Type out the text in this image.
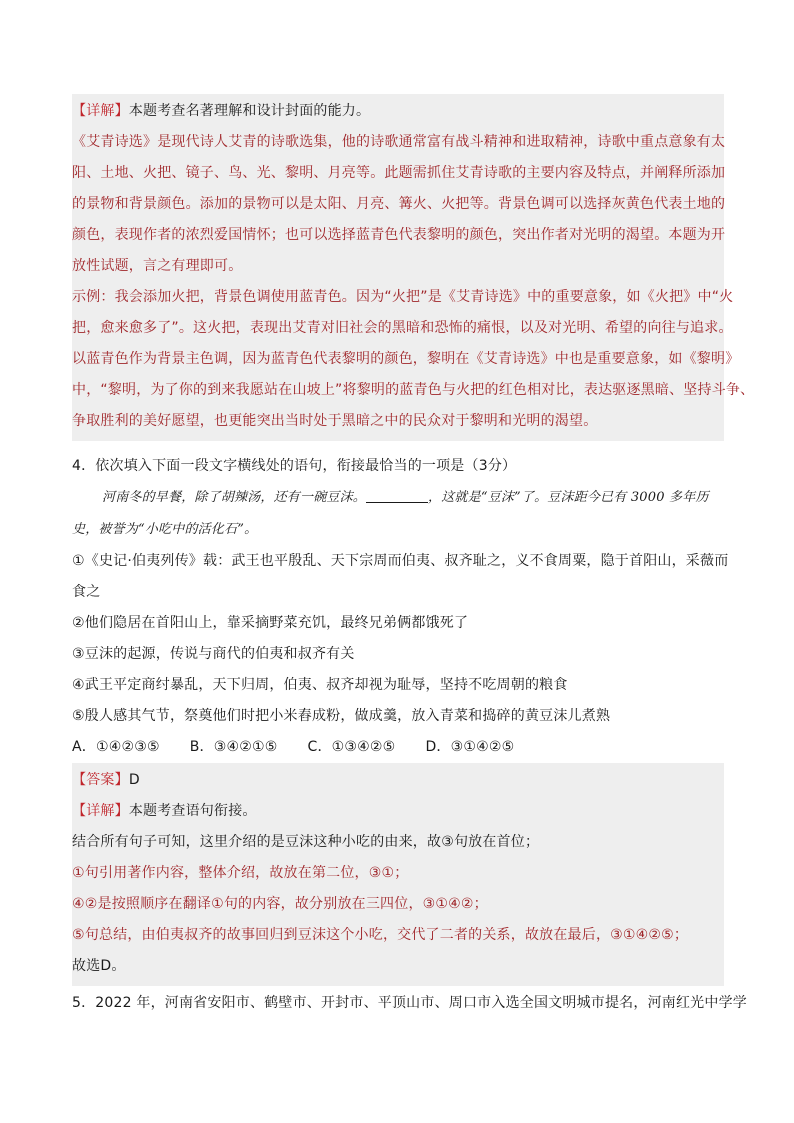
【详解】本题考查名著理解和设计封面的能力。
《艾青诗选》是现代诗人艾青的诗歌选集，他的诗歌通常富有战斗精神和进取精神，诗歌中重点意象有太
阳、土地、火把、镜子、鸟、光、黎明、月亮等。此题需抓住艾青诗歌的主要内容及特点，并阐释所添加
的景物和背景颜色。添加的景物可以是太阳、月亮、篝火、火把等。背景色调可以选择灰黄色代表土地的
颜色，表现作者的浓烈爱国情怀；也可以选择蓝青色代表黎明的颜色，突出作者对光明的渴望。本题为开
放性试题，言之有理即可。
示例：我会添加火把，背景色调使用蓝青色。因为“火把”是《艾青诗选》中的重要意象，如《火把》中“火
把，愈来愈多了”。这火把，表现出艾青对旧社会的黑暗和恐怖的痛恨，以及对光明、希望的向往与追求。
以蓝青色作为背景主色调，因为蓝青色代表黎明的颜色，黎明在《艾青诗选》中也是重要意象，如《黎明》
中，“黎明，为了你的到来我愿站在山坡上”将黎明的蓝青色与火把的红色相对比，表达驱逐黑暗、坚持斗争、
争取胜利的美好愿望，也更能突出当时处于黑暗之中的民众对于黎明和光明的渴望。
4．依次填入下面一段文字横线处的语句，衔接最恰当的一项是（3分）
河南冬的早餐，除了胡辣汤，还有一碗豆沫。	，这就是“豆沫”了。豆沫距今已有 3000 多年历
史，被誉为“小吃中的活化石”。
①《史记·伯夷列传》载：武王也平殷乱、天下宗周而伯夷、叔齐耻之，义不食周粟，隐于首阳山，采薇而
食之
②他们隐居在首阳山上，靠采摘野菜充饥，最终兄弟俩都饿死了
③豆沫的起源，传说与商代的伯夷和叔齐有关
④武王平定商纣暴乱，天下归周，伯夷、叔齐却视为耻辱，坚持不吃周朝的粮食
⑤殷人感其气节，祭奠他们时把小米舂成粉，做成羹，放入青菜和捣碎的黄豆沫儿煮熟
A．①④②③⑤ B．③④②①⑤ C．①③④②⑤ D．③①④②⑤
【答案】D
【详解】本题考查语句衔接。
结合所有句子可知，这里介绍的是豆沫这种小吃的由来，故③句放在首位；
①句引用著作内容，整体介绍，故放在第二位，③①；
④②是按照顺序在翻译①句的内容，故分别放在三四位，③①④②；
⑤句总结，由伯夷叔齐的故事回归到豆沫这个小吃，交代了二者的关系，故放在最后，③①④②⑤；
故选D。
5．2022 年，河南省安阳市、鹤壁市、开封市、平顶山市、周口市入选全国文明城市提名，河南红光中学学
